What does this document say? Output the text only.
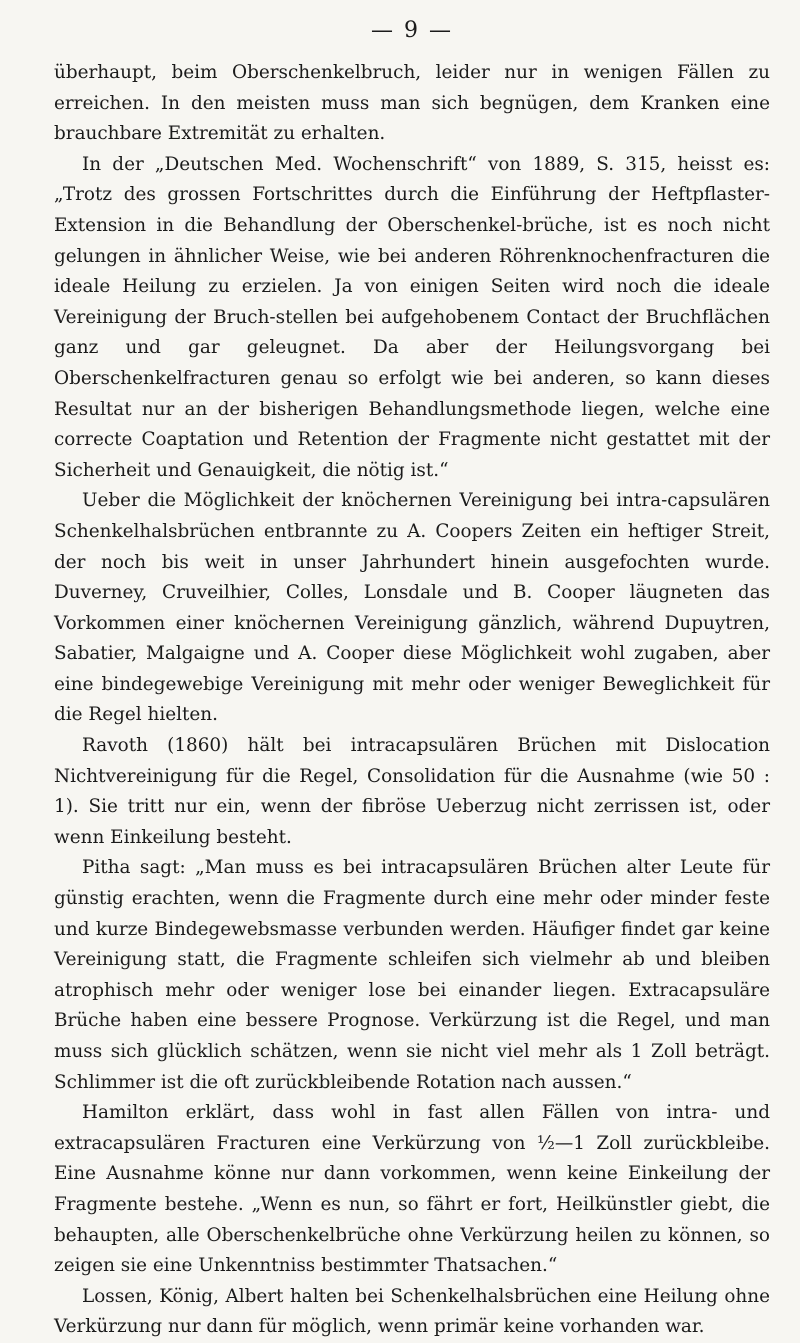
— 9 —

überhaupt, beim Oberschenkelbruch, leider nur in wenigen Fällen zu erreichen. In den meisten muss man sich begnügen, dem Kranken eine brauchbare Extremität zu erhalten.

In der „Deutschen Med. Wochenschrift“ von 1889, S. 315, heisst es: „Trotz des grossen Fortschrittes durch die Einführung der Heftpflaster-Extension in die Behandlung der Oberschenkel-brüche, ist es noch nicht gelungen in ähnlicher Weise, wie bei anderen Röhrenknochenfracturen die ideale Heilung zu erzielen. Ja von einigen Seiten wird noch die ideale Vereinigung der Bruch-stellen bei aufgehobenem Contact der Bruchflächen ganz und gar geleugnet. Da aber der Heilungsvorgang bei Oberschenkelfracturen genau so erfolgt wie bei anderen, so kann dieses Resultat nur an der bisherigen Behandlungsmethode liegen, welche eine correcte Coaptation und Retention der Fragmente nicht gestattet mit der Sicherheit und Genauigkeit, die nötig ist.“

Ueber die Möglichkeit der knöchernen Vereinigung bei intra-capsulären Schenkelhalsbrüchen entbrannte zu A. Coopers Zeiten ein heftiger Streit, der noch bis weit in unser Jahrhundert hinein ausgefochten wurde. Duverney, Cruveilhier, Colles, Lonsdale und B. Cooper läugneten das Vorkommen einer knöchernen Vereinigung gänzlich, während Dupuytren, Sabatier, Malgaigne und A. Cooper diese Möglichkeit wohl zugaben, aber eine bindegewebige Vereinigung mit mehr oder weniger Beweglichkeit für die Regel hielten.

Ravoth (1860) hält bei intracapsulären Brüchen mit Dislocation Nichtvereinigung für die Regel, Consolidation für die Ausnahme (wie 50 : 1). Sie tritt nur ein, wenn der fibröse Ueberzug nicht zerrissen ist, oder wenn Einkeilung besteht.

Pitha sagt: „Man muss es bei intracapsulären Brüchen alter Leute für günstig erachten, wenn die Fragmente durch eine mehr oder minder feste und kurze Bindegewebsmasse verbunden werden. Häufiger findet gar keine Vereinigung statt, die Fragmente schleifen sich vielmehr ab und bleiben atrophisch mehr oder weniger lose bei einander liegen. Extracapsuläre Brüche haben eine bessere Prognose. Verkürzung ist die Regel, und man muss sich glücklich schätzen, wenn sie nicht viel mehr als 1 Zoll beträgt. Schlimmer ist die oft zurückbleibende Rotation nach aussen.“

Hamilton erklärt, dass wohl in fast allen Fällen von intra- und extracapsulären Fracturen eine Verkürzung von ½—1 Zoll zurückbleibe. Eine Ausnahme könne nur dann vorkommen, wenn keine Einkeilung der Fragmente bestehe. „Wenn es nun, so fährt er fort, Heilkünstler giebt, die behaupten, alle Oberschenkelbrüche ohne Verkürzung heilen zu können, so zeigen sie eine Unkenntniss bestimmter Thatsachen.“

Lossen, König, Albert halten bei Schenkelhalsbrüchen eine Heilung ohne Verkürzung nur dann für möglich, wenn primär keine vorhanden war.
